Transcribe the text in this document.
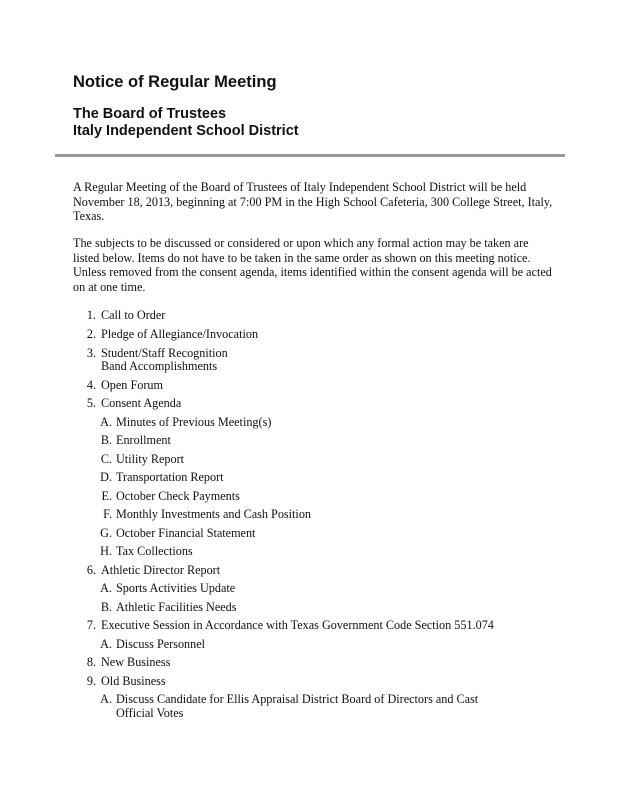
Notice of Regular Meeting
The Board of Trustees
Italy Independent School District

A Regular Meeting of the Board of Trustees of Italy Independent School District will be held November 18, 2013, beginning at 7:00 PM in the High School Cafeteria, 300 College Street, Italy, Texas.

The subjects to be discussed or considered or upon which any formal action may be taken are listed below. Items do not have to be taken in the same order as shown on this meeting notice. Unless removed from the consent agenda, items identified within the consent agenda will be acted on at one time.

1. Call to Order
2. Pledge of Allegiance/Invocation
3. Student/Staff Recognition
Band Accomplishments
4. Open Forum
5. Consent Agenda
A. Minutes of Previous Meeting(s)
B. Enrollment
C. Utility Report
D. Transportation Report
E. October Check Payments
F. Monthly Investments and Cash Position
G. October Financial Statement
H. Tax Collections
6. Athletic Director Report
A. Sports Activities Update
B. Athletic Facilities Needs
7. Executive Session in Accordance with Texas Government Code Section 551.074
A. Discuss Personnel
8. New Business
9. Old Business
A. Discuss Candidate for Ellis Appraisal District Board of Directors and Cast
Official Votes
